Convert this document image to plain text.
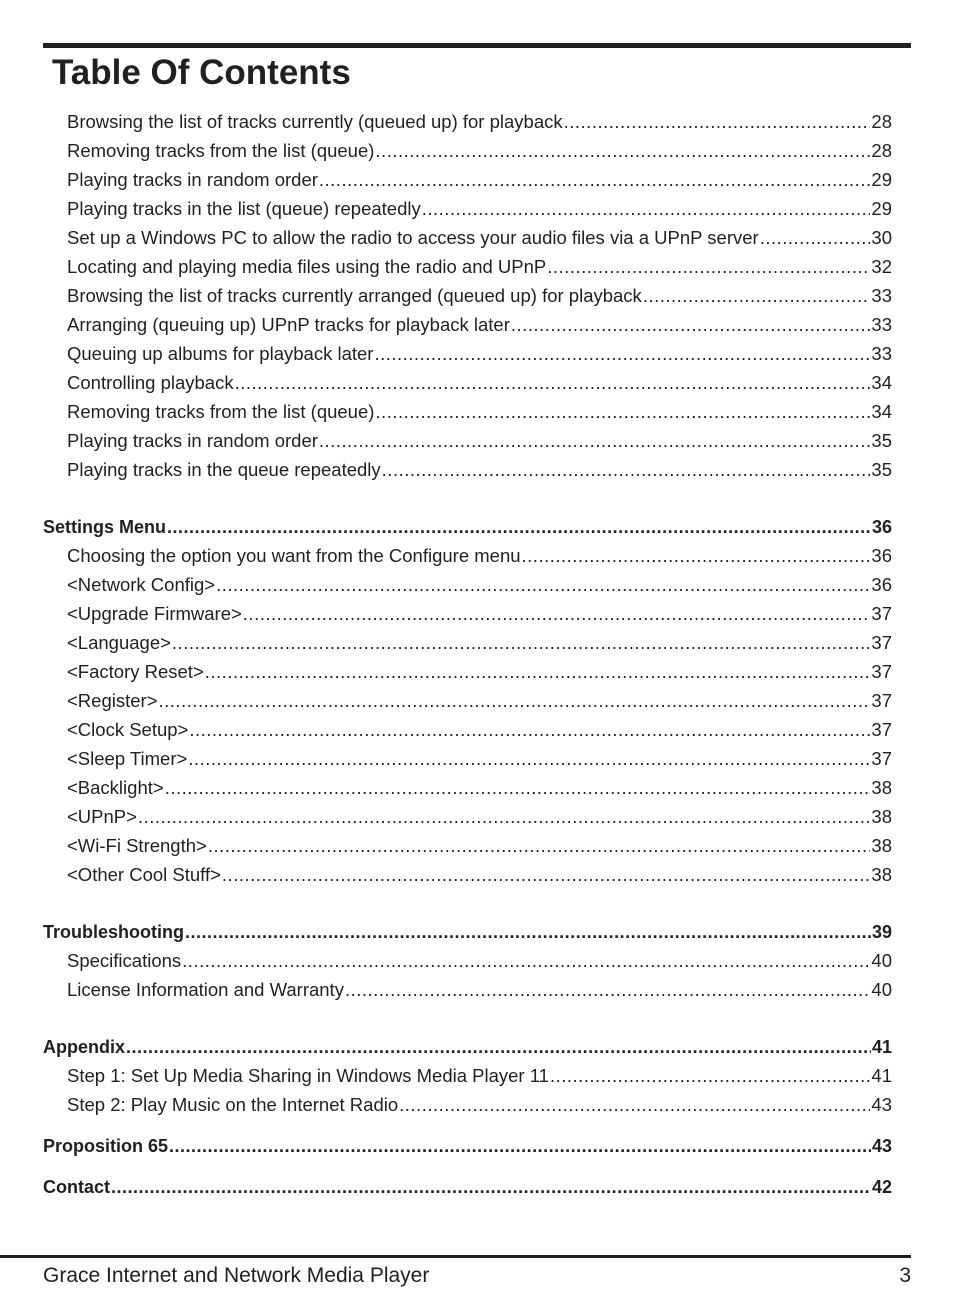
Table Of Contents
Browsing the list of tracks currently (queued up) for playback .....	28
Removing tracks from the list (queue) .....	28
Playing tracks in random order .....	29
Playing tracks in the list (queue) repeatedly .....	29
Set up a Windows PC to allow the radio to access your audio files via a UPnP server .....	30
Locating and playing media files using the radio and UPnP .....	32
Browsing the list of tracks currently arranged (queued up) for playback .....	33
Arranging (queuing up) UPnP tracks for playback later .....	33
Queuing up albums for playback later .....	33
Controlling playback .....	34
Removing tracks from the list (queue) .....	34
Playing tracks in random order .....	35
Playing tracks in the queue repeatedly .....	35
Settings Menu .....	36
Choosing the option you want from the Configure menu .....	36
<Network Config> .....	36
<Upgrade Firmware> .....	37
<Language> .....	37
<Factory Reset> .....	37
<Register> .....	37
<Clock Setup> .....	37
<Sleep Timer> .....	37
<Backlight> .....	38
<UPnP> .....	38
<Wi-Fi Strength> .....	38
<Other Cool Stuff> .....	38
Troubleshooting .....	39
Specifications .....	40
License Information and Warranty .....	40
Appendix .....	41
Step 1: Set Up Media Sharing in Windows Media Player 11 .....	41
Step 2: Play Music on the Internet Radio .....	43
Proposition 65 .....	43
Contact .....	42
Grace Internet and Network Media Player	3
